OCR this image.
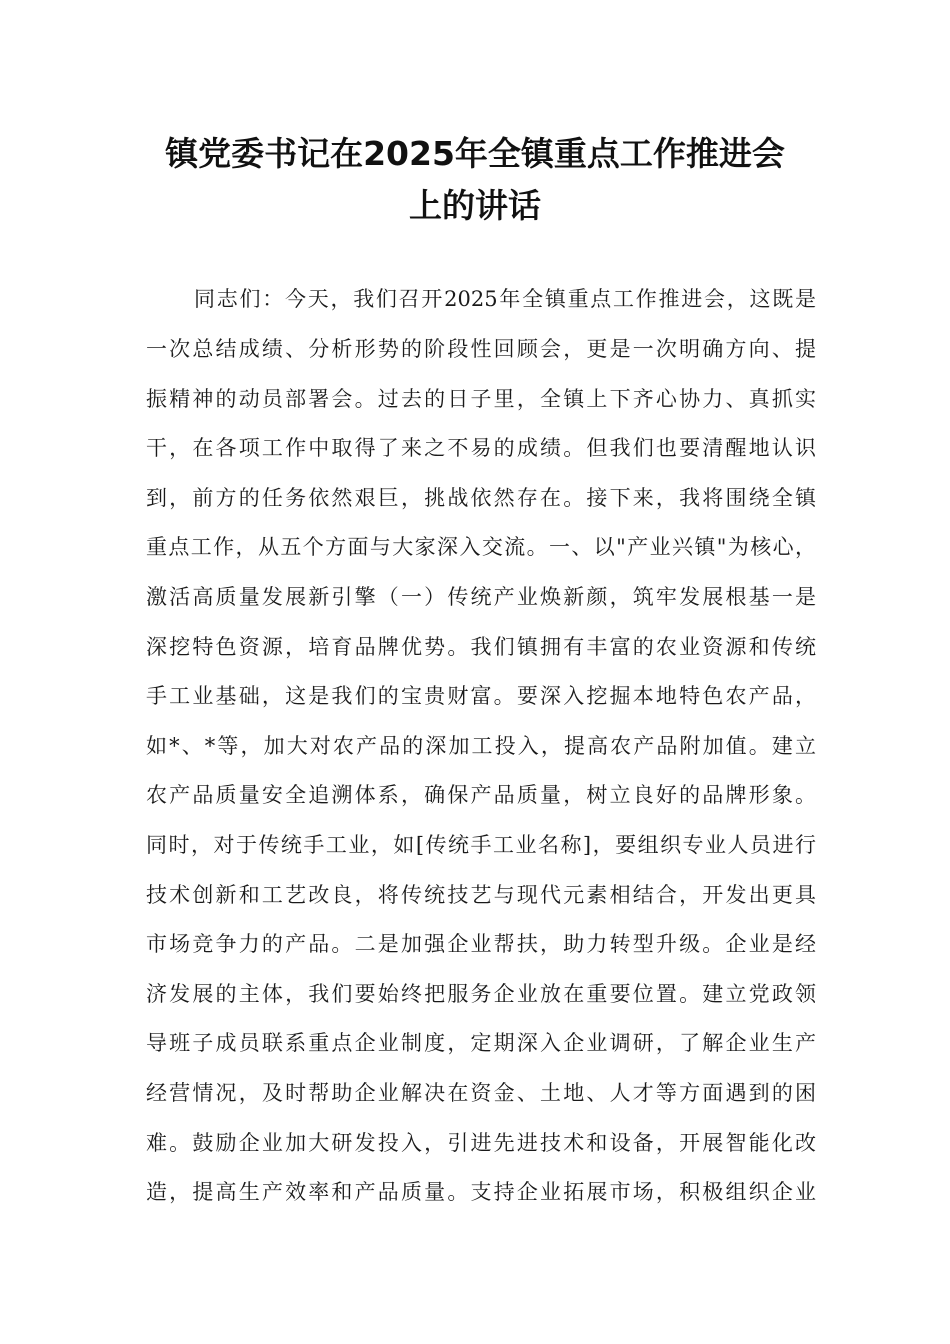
镇党委书记在2025年全镇重点工作推进会
上的讲话
同志们：今天，我们召开2025年全镇重点工作推进会，这既是
一次总结成绩、分析形势的阶段性回顾会，更是一次明确方向、提
振精神的动员部署会。过去的日子里，全镇上下齐心协力、真抓实
干，在各项工作中取得了来之不易的成绩。但我们也要清醒地认识
到，前方的任务依然艰巨，挑战依然存在。接下来，我将围绕全镇
重点工作，从五个方面与大家深入交流。一、以"产业兴镇"为核心，
激活高质量发展新引擎（一）传统产业焕新颜，筑牢发展根基一是
深挖特色资源，培育品牌优势。我们镇拥有丰富的农业资源和传统
手工业基础，这是我们的宝贵财富。要深入挖掘本地特色农产品，
如*、*等，加大对农产品的深加工投入，提高农产品附加值。建立
农产品质量安全追溯体系，确保产品质量，树立良好的品牌形象。
同时，对于传统手工业，如[传统手工业名称]，要组织专业人员进行
技术创新和工艺改良，将传统技艺与现代元素相结合，开发出更具
市场竞争力的产品。二是加强企业帮扶，助力转型升级。企业是经
济发展的主体，我们要始终把服务企业放在重要位置。建立党政领
导班子成员联系重点企业制度，定期深入企业调研，了解企业生产
经营情况，及时帮助企业解决在资金、土地、人才等方面遇到的困
难。鼓励企业加大研发投入，引进先进技术和设备，开展智能化改
造，提高生产效率和产品质量。支持企业拓展市场，积极组织企业
